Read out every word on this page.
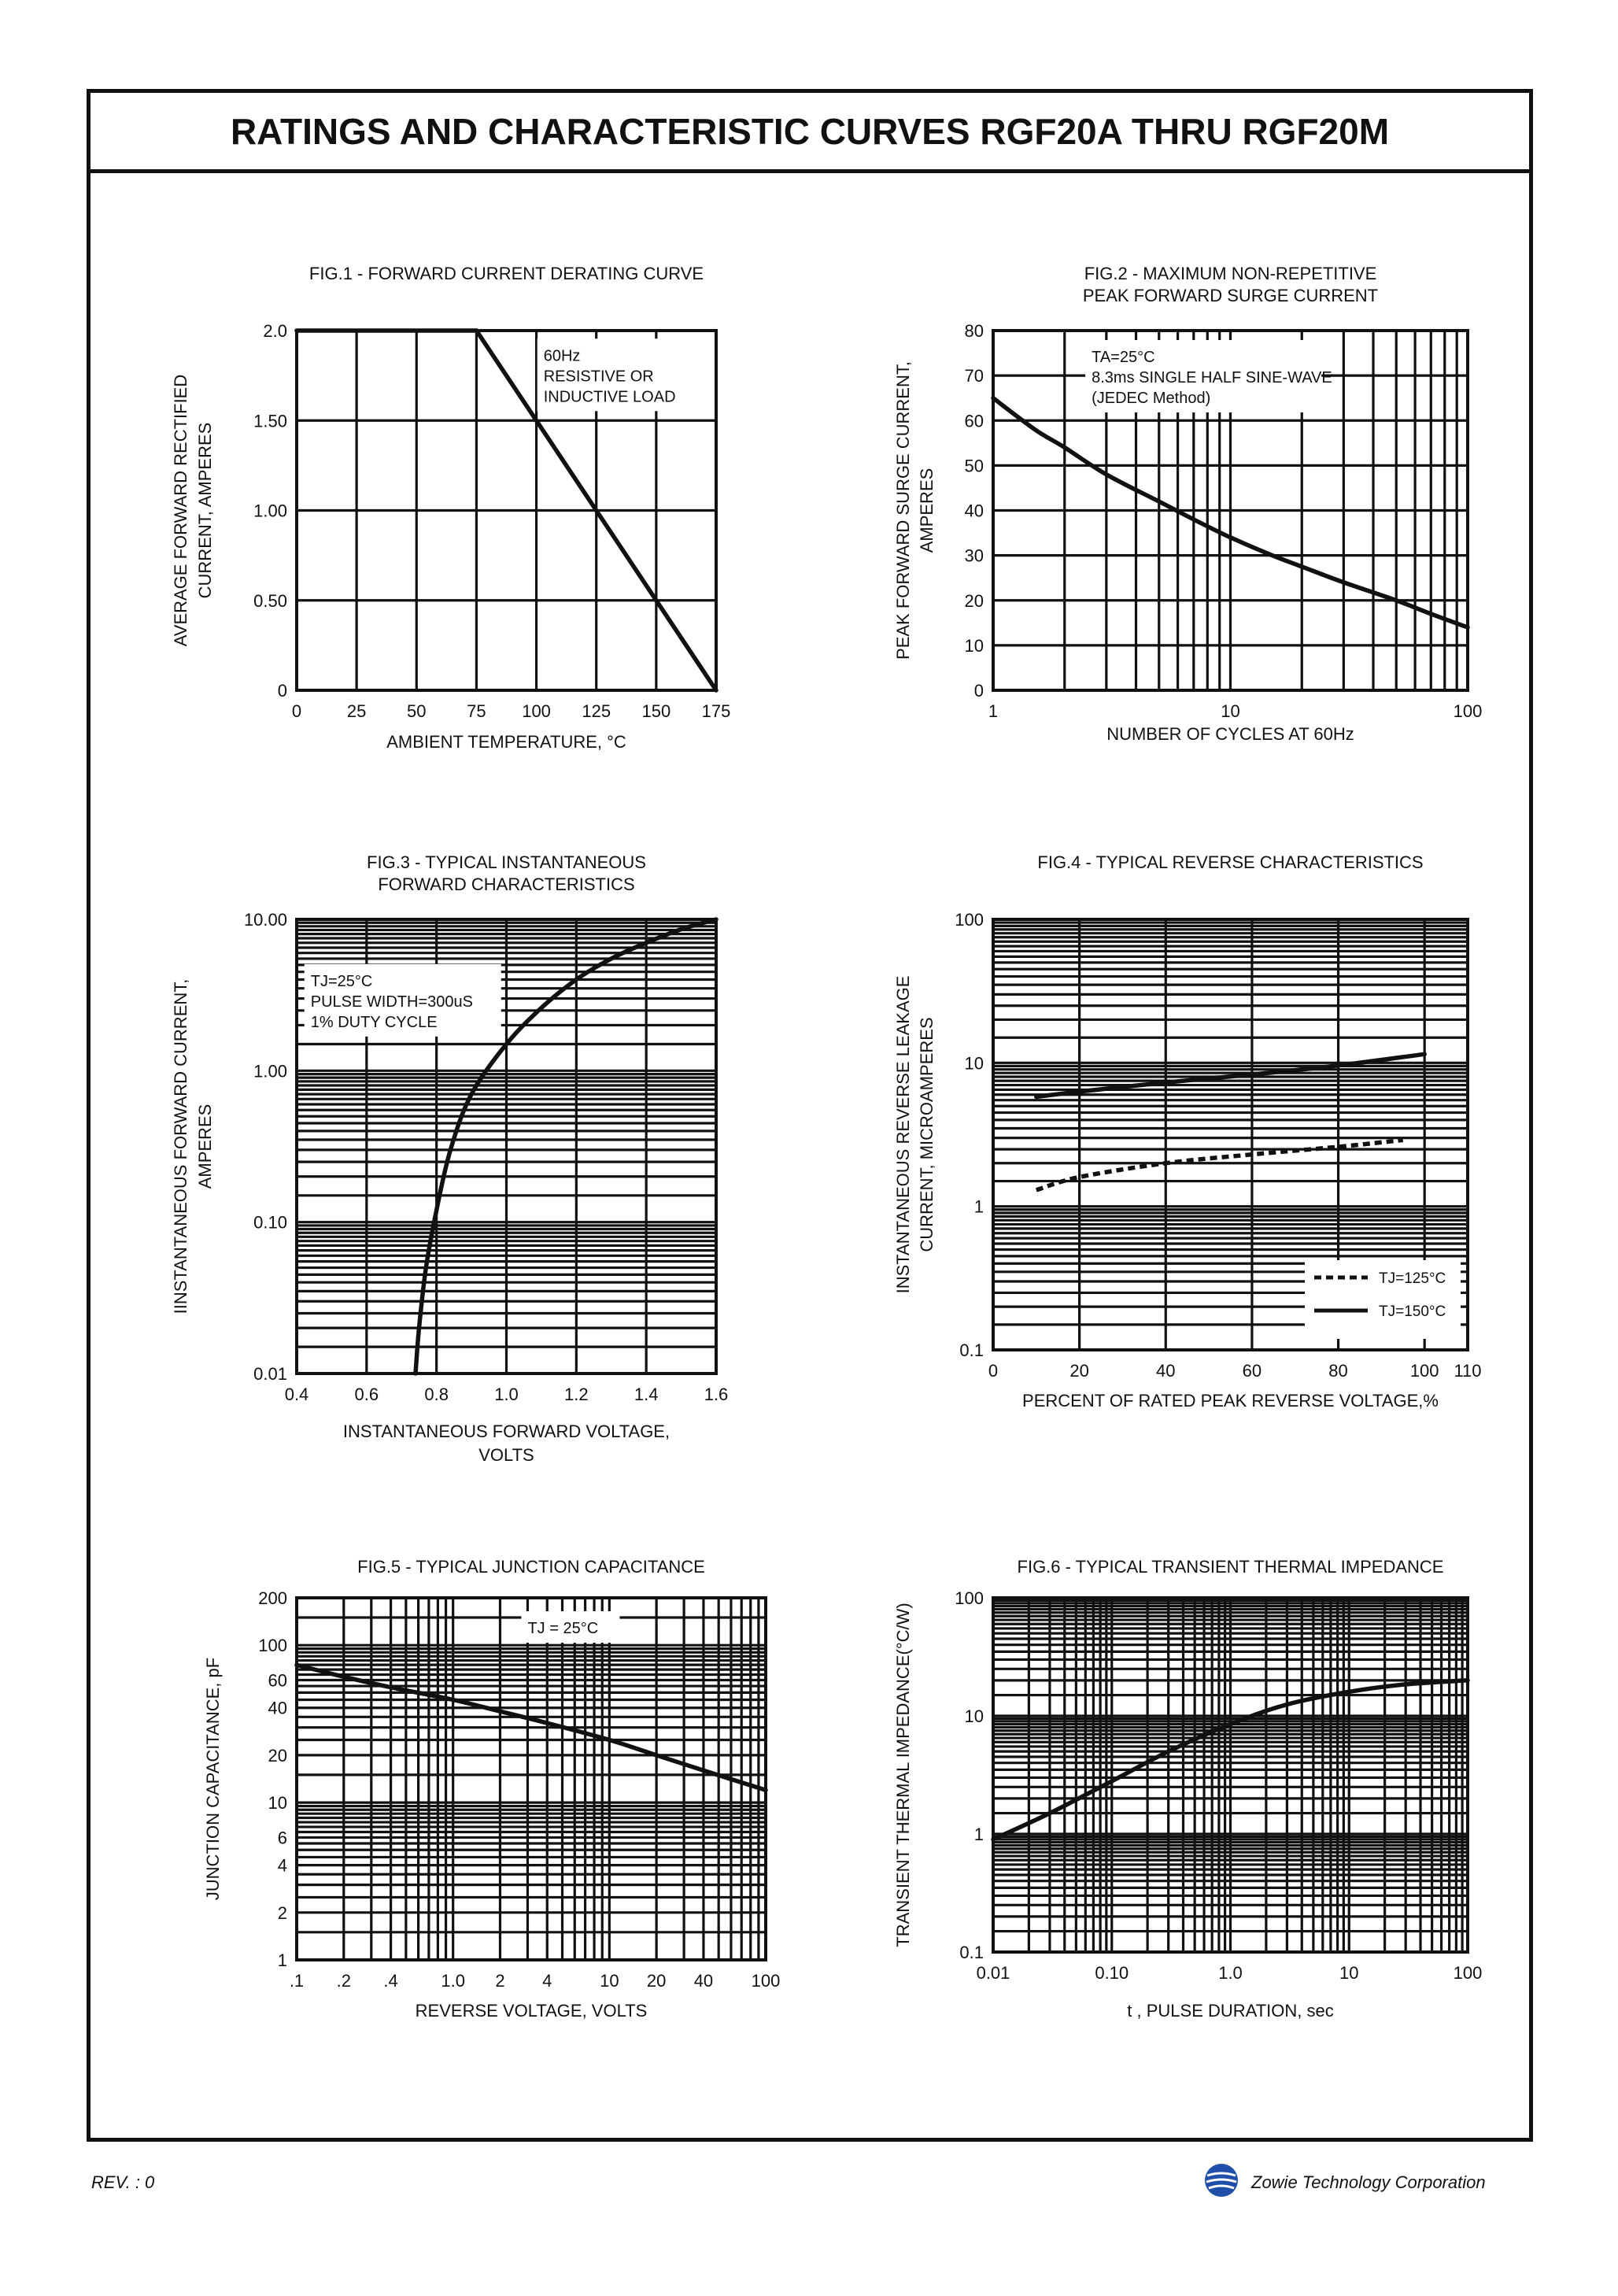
RATINGS AND CHARACTERISTIC CURVES RGF20A THRU RGF20M
0	25 50 75 100 125 150 175
0
0.50
1.00
1.50
2.0
FIG.1 - FORWARD CURRENT DERATING CURVE
AMBIENT TEMPERATURE, °C
AVERAGE FORWARD RECTIFIED CURRENT, AMPERES
60Hz
RESISTIVE OR
INDUCTIVE LOAD
1	10	100
0
10
20
30
40
50
60
70
80
FIG.2 - MAXIMUM NON-REPETITIVE
PEAK FORWARD SURGE CURRENT
NUMBER OF CYCLES AT 60Hz
PEAK FORWARD SURGE CURRENT, AMPERES
TA=25°C
8.3ms SINGLE HALF SINE-WAVE
(JEDEC Method)
0.4	0.6	0.8	1.0	1.2	1.4	1.6
0.01
0.10
1.00
10.00
FIG.3 - TYPICAL INSTANTANEOUS
FORWARD CHARACTERISTICS
INSTANTANEOUS FORWARD VOLTAGE,
VOLTS
IINSTANTANEOUS FORWARD CURRENT, AMPERES
TJ=25°C
PULSE WIDTH=300uS
1% DUTY CYCLE
0	20	40	60	80	100 110
0.1
1
10
100
FIG.4 - TYPICAL REVERSE CHARACTERISTICS
PERCENT OF RATED PEAK REVERSE VOLTAGE,%
INSTANTANEOUS REVERSE LEAKAGE CURRENT, MICROAMPERES
TJ=125°C
TJ=150°C
.1 .2 .4 1.0 2 4	10 20 40 100
1
2
4
6
10
20
40
60
100
200
FIG.5 - TYPICAL JUNCTION CAPACITANCE
REVERSE VOLTAGE, VOLTS
JUNCTION CAPACITANCE, pF
TJ = 25°C
0.01	0.10	1.0	10	100
0.1
1
10
100
FIG.6 - TYPICAL TRANSIENT THERMAL IMPEDANCE
t , PULSE DURATION, sec
TRANSIENT THERMAL IMPEDANCE(°C/W)
REV. : 0	Zowie Technology Corporation
